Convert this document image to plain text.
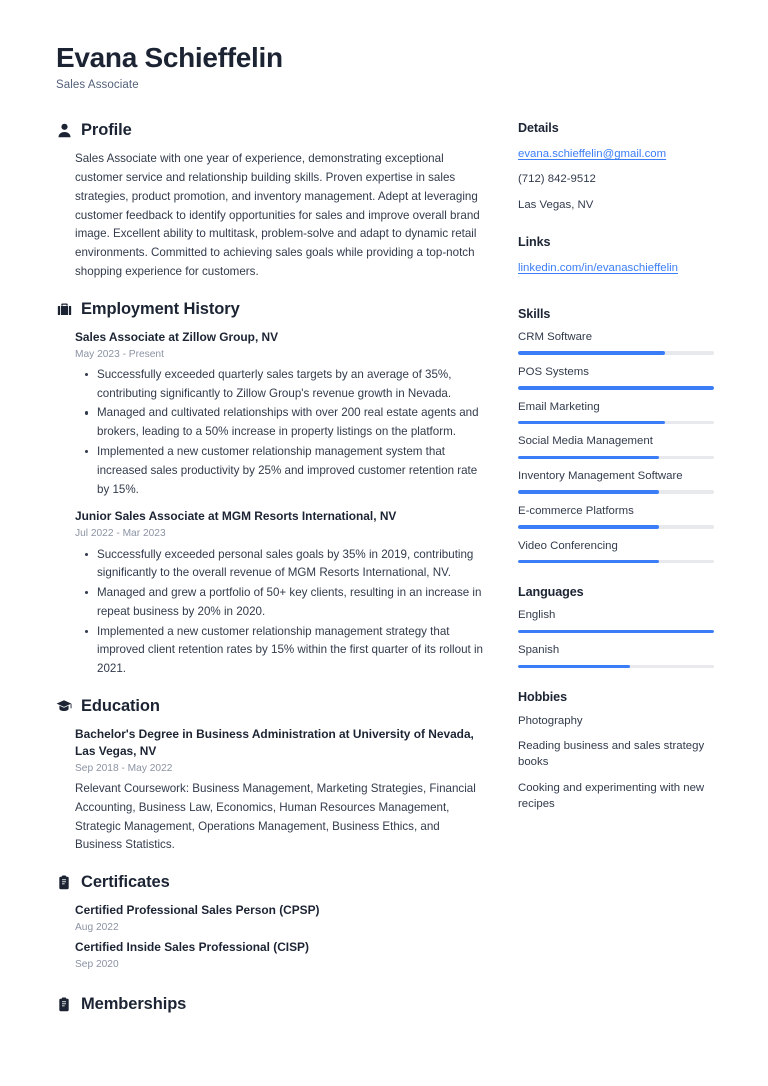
Evana Schieffelin

Sales Associate

Profile

Sales Associate with one year of experience, demonstrating exceptional customer service and relationship building skills. Proven expertise in sales strategies, product promotion, and inventory management. Adept at leveraging customer feedback to identify opportunities for sales and improve overall brand image. Excellent ability to multitask, problem-solve and adapt to dynamic retail environments. Committed to achieving sales goals while providing a top-notch shopping experience for customers.

Employment History

Sales Associate at Zillow Group, NV

May 2023 - Present

Successfully exceeded quarterly sales targets by an average of 35%, contributing significantly to Zillow Group's revenue growth in Nevada.
Managed and cultivated relationships with over 200 real estate agents and brokers, leading to a 50% increase in property listings on the platform.
Implemented a new customer relationship management system that increased sales productivity by 25% and improved customer retention rate by 15%.

Junior Sales Associate at MGM Resorts International, NV

Jul 2022 - Mar 2023

Successfully exceeded personal sales goals by 35% in 2019, contributing significantly to the overall revenue of MGM Resorts International, NV.
Managed and grew a portfolio of 50+ key clients, resulting in an increase in repeat business by 20% in 2020.
Implemented a new customer relationship management strategy that improved client retention rates by 15% within the first quarter of its rollout in 2021.
Education

Bachelor's Degree in Business Administration at University of Nevada, Las Vegas, NV

Sep 2018 - May 2022

Relevant Coursework: Business Management, Marketing Strategies, Financial Accounting, Business Law, Economics, Human Resources Management, Strategic Management, Operations Management, Business Ethics, and Business Statistics.

Certificates

Certified Professional Sales Person (CPSP)

Aug 2022

Certified Inside Sales Professional (CISP)

Sep 2020

Memberships

Details

evana.schieffelin@gmail.com

(712) 842-9512

Las Vegas, NV

Links

linkedin.com/in/evanaschieffelin

Skills

CRM Software
POS Systems
Email Marketing
Social Media Management
Inventory Management Software
E-commerce Platforms
Video Conferencing

Languages

English
Spanish

Hobbies

Photography

Reading business and sales strategy books

Cooking and experimenting with new recipes
